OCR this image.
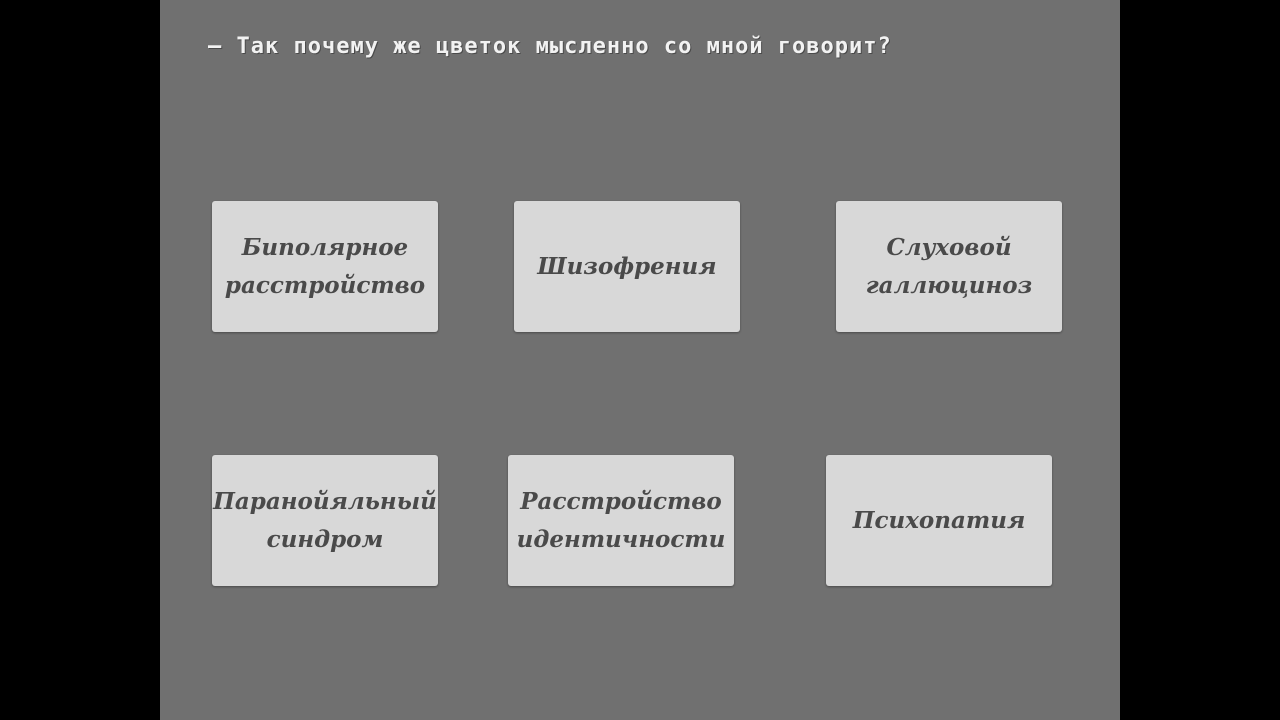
– Так почему же цветок мысленно со мной говорит?
Биполярное
расстройство
Шизофрения
Слуховой
галлюциноз
Паранойяльный
синдром
Расстройство
идентичности
Психопатия
